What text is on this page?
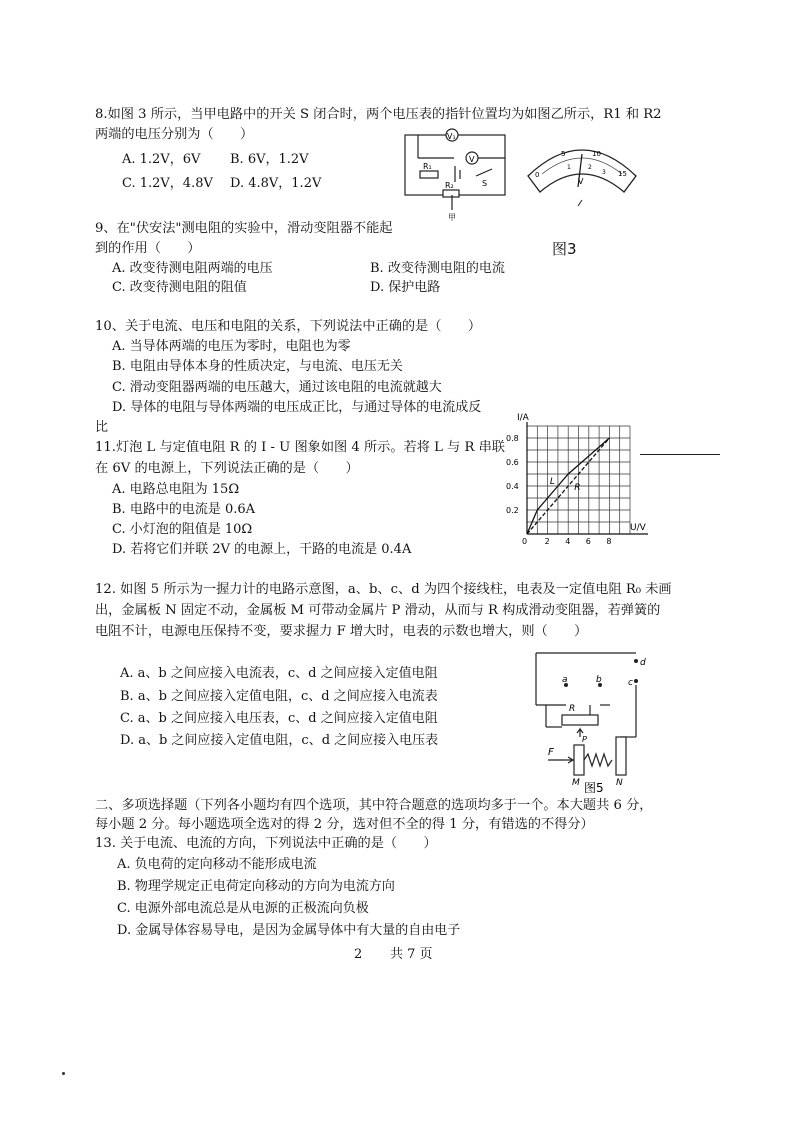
8.如图 3 所示，当甲电路中的开关 S 闭合时，两个电压表的指针位置均为如图乙所示，R1 和 R2
两端的电压分别为（　　）
A. 1.2V，6V B. 6V，1.2V
C. 1.2V，4.8V D. 4.8V，1.2V
V₁
V
R₁
R₂	S
甲
0
5	10
15
1	2
3
V
图3
9、在"伏安法"测电阻的实验中，滑动变阻器不能起
到的作用（　　）
A. 改变待测电阻两端的电压	B. 改变待测电阻的电流
C. 改变待测电阻的阻值	D. 保护电路
10、关于电流、电压和电阻的关系，下列说法中正确的是（　　）
A. 当导体两端的电压为零时，电阻也为零
B. 电阻由导体本身的性质决定，与电流、电压无关
C. 滑动变阻器两端的电压越大，通过该电阻的电流就越大
D. 导体的电阻与导体两端的电压成正比，与通过导体的电流成反
比
11.灯泡 L 与定值电阻 R 的 I - U 图象如图 4 所示。若将 L 与 R 串联
在 6V 的电源上，下列说法正确的是（　　）
A. 电路总电阻为 15Ω
B. 电路中的电流是 0.6A
C. 小灯泡的阻值是 10Ω
D. 若将它们并联 2V 的电源上，干路的电流是 0.4A
L
R
2 4 6 8
0.2
0.4
0.6
0.8
I/A
U/V
0
12. 如图 5 所示为一握力计的电路示意图，a、b、c、d 为四个接线柱，电表及一定值电阻 R₀ 未画
出，金属板 N 固定不动，金属板 M 可带动金属片 P 滑动，从而与 R 构成滑动变阻器，若弹簧的
电阻不计，电源电压保持不变，要求握力 F 增大时，电表的示数也增大，则（　　）
A. a、b 之间应接入电流表，c、d 之间应接入定值电阻
B. a、b 之间应接入定值电阻，c、d 之间应接入电流表
C. a、b 之间应接入电压表，c、d 之间应接入定值电阻
D. a、b 之间应接入定值电阻，c、d 之间应接入电压表
d
c
a	b
R
P
F
M	N
图5
二、多项选择题（下列各小题均有四个选项，其中符合题意的选项均多于一个。本大题共 6 分，
每小题 2 分。每小题选项全选对的得 2 分，选对但不全的得 1 分，有错选的不得分）
13. 关于电流、电流的方向，下列说法中正确的是（　　）
A. 负电荷的定向移动不能形成电流
B. 物理学规定正电荷定向移动的方向为电流方向
C. 电源外部电流总是从电源的正极流向负极
D. 金属导体容易导电，是因为金属导体中有大量的自由电子
2 共 7 页
